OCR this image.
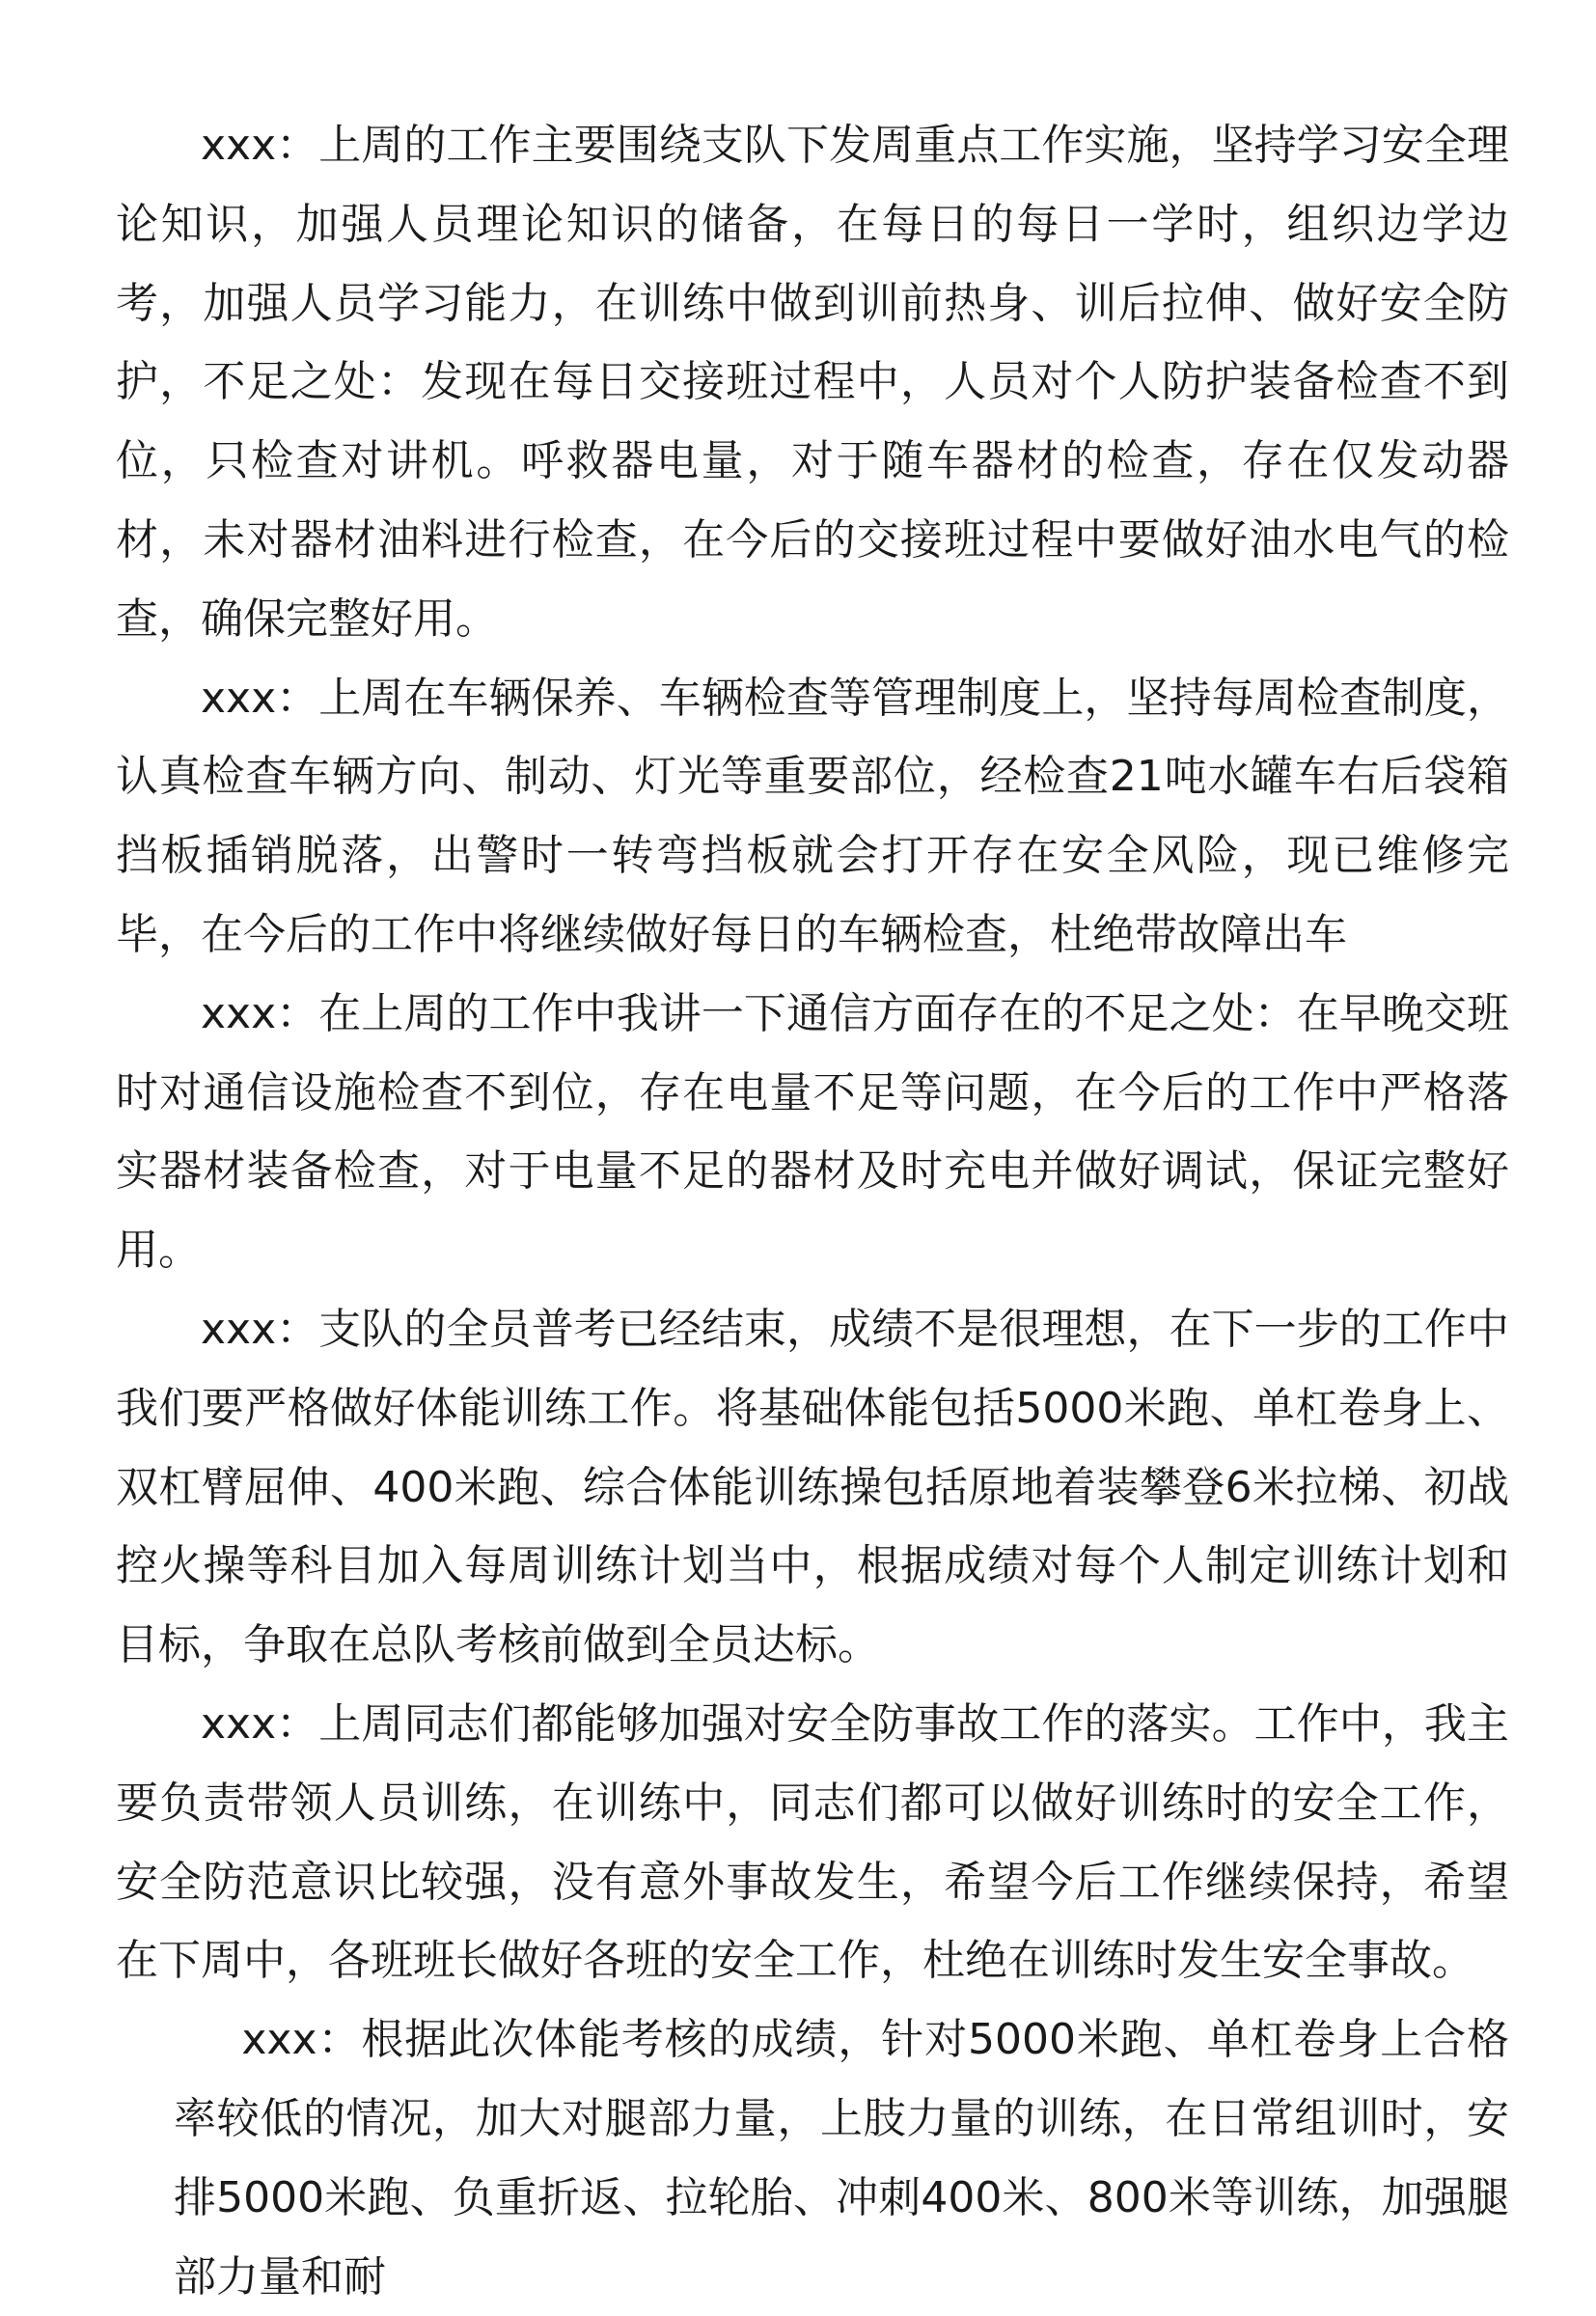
xxx：上周的工作主要围绕支队下发周重点工作实施，坚持学习安全理论知识，加强人员理论知识的储备，在每日的每日一学时，组织边学边考，加强人员学习能力，在训练中做到训前热身、训后拉伸、做好安全防护，不足之处：发现在每日交接班过程中，人员对个人防护装备检查不到位，只检查对讲机。呼救器电量，对于随车器材的检查，存在仅发动器材，未对器材油料进行检查，在今后的交接班过程中要做好油水电气的检查，确保完整好用。

xxx：上周在车辆保养、车辆检查等管理制度上，坚持每周检查制度，认真检查车辆方向、制动、灯光等重要部位，经检查21吨水罐车右后袋箱挡板插销脱落，出警时一转弯挡板就会打开存在安全风险，现已维修完毕，在今后的工作中将继续做好每日的车辆检查，杜绝带故障出车

xxx：在上周的工作中我讲一下通信方面存在的不足之处：在早晚交班时对通信设施检查不到位，存在电量不足等问题，在今后的工作中严格落实器材装备检查，对于电量不足的器材及时充电并做好调试，保证完整好用。

xxx：支队的全员普考已经结束，成绩不是很理想，在下一步的工作中我们要严格做好体能训练工作。将基础体能包括5000米跑、单杠卷身上、双杠臂屈伸、400米跑、综合体能训练操包括原地着装攀登6米拉梯、初战控火操等科目加入每周训练计划当中，根据成绩对每个人制定训练计划和目标，争取在总队考核前做到全员达标。

xxx：上周同志们都能够加强对安全防事故工作的落实。工作中，我主要负责带领人员训练，在训练中，同志们都可以做好训练时的安全工作，安全防范意识比较强，没有意外事故发生，希望今后工作继续保持，希望在下周中，各班班长做好各班的安全工作，杜绝在训练时发生安全事故。

xxx：根据此次体能考核的成绩，针对5000米跑、单杠卷身上合格率较低的情况，加大对腿部力量，上肢力量的训练，在日常组训时，安排5000米跑、负重折返、拉轮胎、冲刺400米、800米等训练，加强腿部力量和耐
